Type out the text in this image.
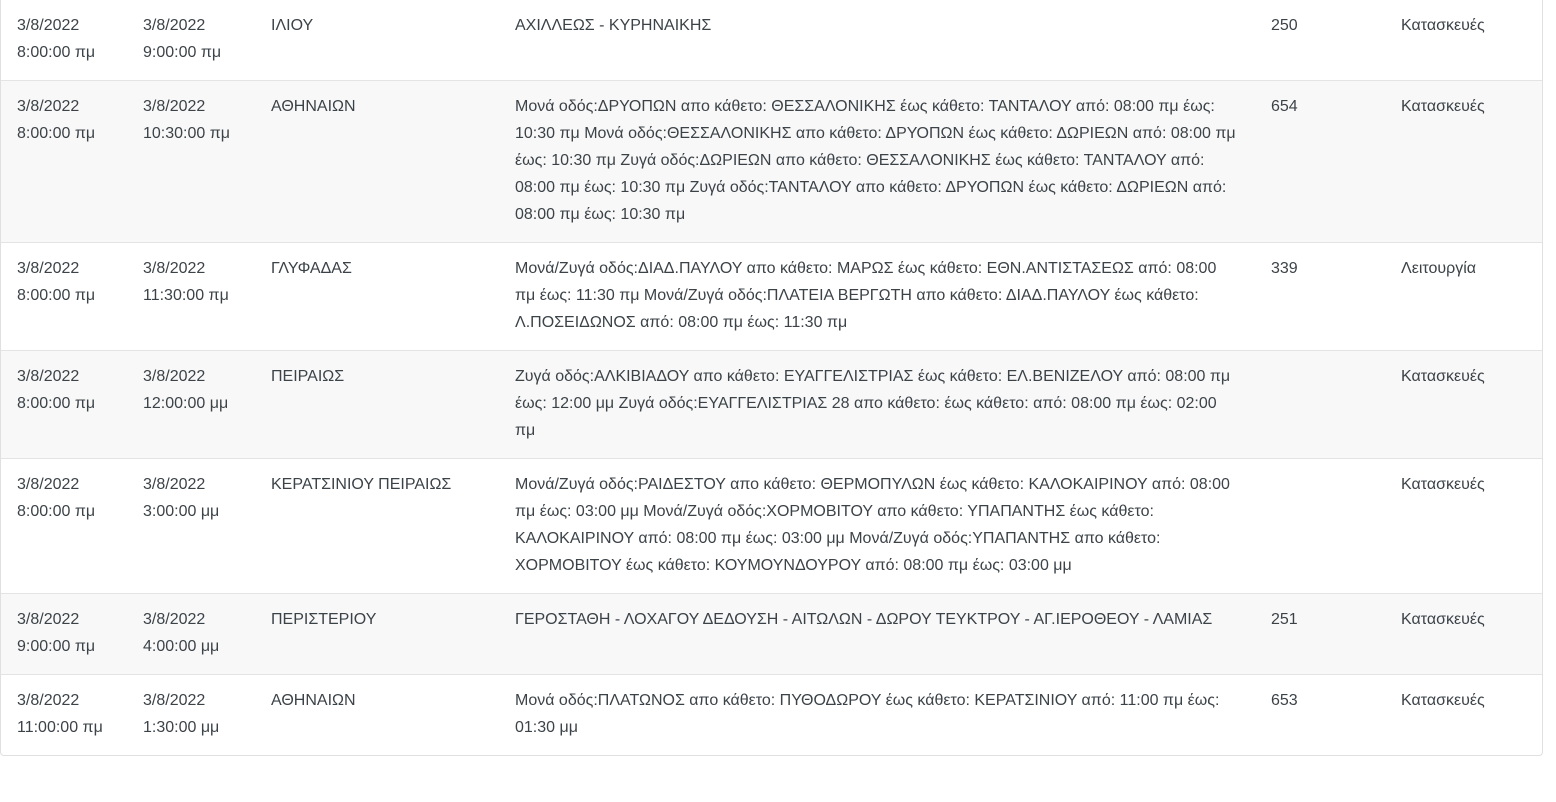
3/8/2022 8:00:00 πμ	3/8/2022 9:00:00 πμ	ΙΛΙΟΥ	ΑΧΙΛΛΕΩΣ - ΚΥΡΗΝΑΙΚΗΣ	250	Κατασκευές
3/8/2022 8:00:00 πμ	3/8/2022 10:30:00 πμ	ΑΘΗΝΑΙΩΝ	Μονά οδός:ΔΡΥΟΠΩΝ απο κάθετο: ΘΕΣΣΑΛΟΝΙΚΗΣ έως κάθετο: ΤΑΝΤΑΛΟΥ από: 08:00 πμ έως: 10:30 πμ Μονά οδός:ΘΕΣΣΑΛΟΝΙΚΗΣ απο κάθετο: ΔΡΥΟΠΩΝ έως κάθετο: ΔΩΡΙΕΩΝ από: 08:00 πμ έως: 10:30 πμ Ζυγά οδός:ΔΩΡΙΕΩΝ απο κάθετο: ΘΕΣΣΑΛΟΝΙΚΗΣ έως κάθετο: ΤΑΝΤΑΛΟΥ από: 08:00 πμ έως: 10:30 πμ Ζυγά οδός:ΤΑΝΤΑΛΟΥ απο κάθετο: ΔΡΥΟΠΩΝ έως κάθετο: ΔΩΡΙΕΩΝ από: 08:00 πμ έως: 10:30 πμ	654	Κατασκευές
3/8/2022 8:00:00 πμ	3/8/2022 11:30:00 πμ	ΓΛΥΦΑΔΑΣ	Μονά/Ζυγά οδός:ΔΙΑΔ.ΠΑΥΛΟΥ απο κάθετο: ΜΑΡΩΣ έως κάθετο: ΕΘΝ.ΑΝΤΙΣΤΑΣΕΩΣ από: 08:00 πμ έως: 11:30 πμ Μονά/Ζυγά οδός:ΠΛΑΤΕΙΑ ΒΕΡΓΩΤΗ απο κάθετο: ΔΙΑΔ.ΠΑΥΛΟΥ έως κάθετο: Λ.ΠΟΣΕΙΔΩΝΟΣ από: 08:00 πμ έως: 11:30 πμ	339	Λειτουργία
3/8/2022 8:00:00 πμ	3/8/2022 12:00:00 μμ	ΠΕΙΡΑΙΩΣ	Ζυγά οδός:ΑΛΚΙΒΙΑΔΟΥ απο κάθετο: ΕΥΑΓΓΕΛΙΣΤΡΙΑΣ έως κάθετο: ΕΛ.ΒΕΝΙΖΕΛΟΥ από: 08:00 πμ έως: 12:00 μμ Ζυγά οδός:ΕΥΑΓΓΕΛΙΣΤΡΙΑΣ 28 απο κάθετο: έως κάθετο: από: 08:00 πμ έως: 02:00 πμ		Κατασκευές
3/8/2022 8:00:00 πμ	3/8/2022 3:00:00 μμ	ΚΕΡΑΤΣΙΝΙΟΥ ΠΕΙΡΑΙΩΣ	Μονά/Ζυγά οδός:ΡΑΙΔΕΣΤΟΥ απο κάθετο: ΘΕΡΜΟΠΥΛΩΝ έως κάθετο: ΚΑΛΟΚΑΙΡΙΝΟΥ από: 08:00 πμ έως: 03:00 μμ Μονά/Ζυγά οδός:ΧΟΡΜΟΒΙΤΟΥ απο κάθετο: ΥΠΑΠΑΝΤΗΣ έως κάθετο: ΚΑΛΟΚΑΙΡΙΝΟΥ από: 08:00 πμ έως: 03:00 μμ Μονά/Ζυγά οδός:ΥΠΑΠΑΝΤΗΣ απο κάθετο: ΧΟΡΜΟΒΙΤΟΥ έως κάθετο: ΚΟΥΜΟΥΝΔΟΥΡΟΥ από: 08:00 πμ έως: 03:00 μμ		Κατασκευές
3/8/2022 9:00:00 πμ	3/8/2022 4:00:00 μμ	ΠΕΡΙΣΤΕΡΙΟΥ	ΓΕΡΟΣΤΑΘΗ - ΛΟΧΑΓΟΥ ΔΕΔΟΥΣΗ - ΑΙΤΩΛΩΝ - ΔΩΡΟΥ ΤΕΥΚΤΡΟΥ - ΑΓ.ΙΕΡΟΘΕΟΥ - ΛΑΜΙΑΣ	251	Κατασκευές
3/8/2022 11:00:00 πμ	3/8/2022 1:30:00 μμ	ΑΘΗΝΑΙΩΝ	Μονά οδός:ΠΛΑΤΩΝΟΣ απο κάθετο: ΠΥΘΟΔΩΡΟΥ έως κάθετο: ΚΕΡΑΤΣΙΝΙΟΥ από: 11:00 πμ έως: 01:30 μμ	653	Κατασκευές
